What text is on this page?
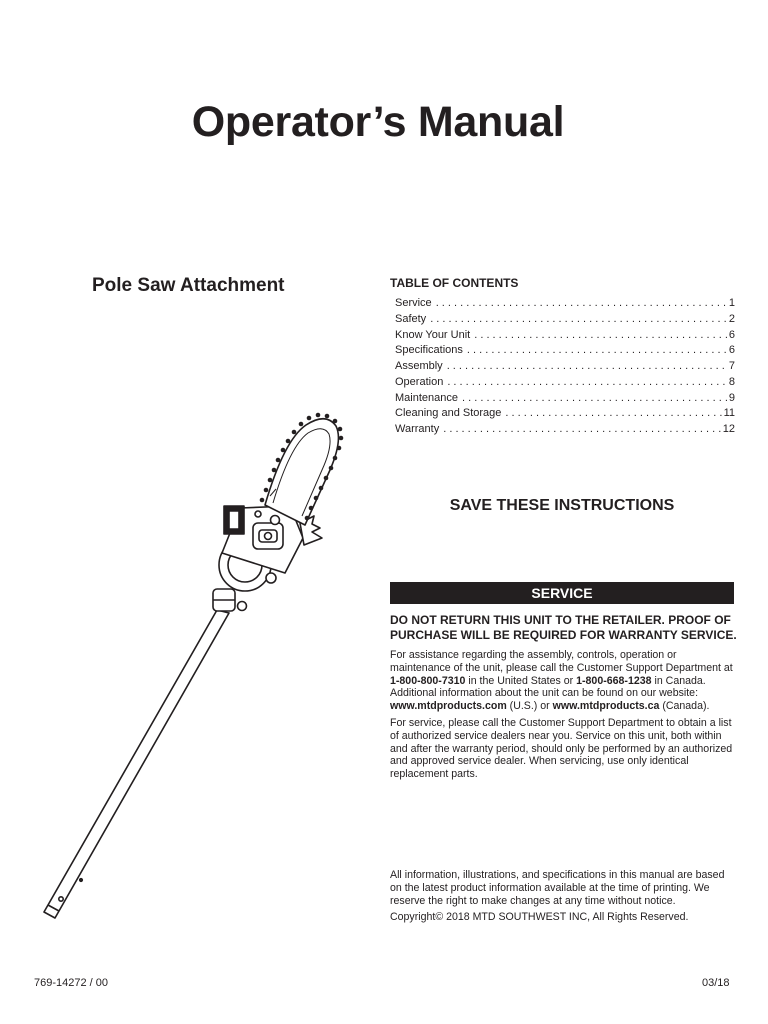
Operator’s Manual
Pole Saw Attachment	TABLE OF CONTENTS
Service . . .	1
Safety . . .	2
Know Your Unit . . .	6
Specifications . . .	6
Assembly . . .	7
Operation . . .	8
Maintenance . . .	9
Cleaning and Storage . . .	11
Warranty . . .	12
SAVE THESE INSTRUCTIONS
SERVICE
DO NOT RETURN THIS UNIT TO THE RETAILER. PROOF OF PURCHASE WILL BE REQUIRED FOR WARRANTY SERVICE.

For assistance regarding the assembly, controls, operation or maintenance of the unit, please call the Customer Support Department at 1-800-800-7310 in the United States or 1-800-668-1238 in Canada. Additional information about the unit can be found on our website: www.mtdproducts.com (U.S.) or www.mtdproducts.ca (Canada).

For service, please call the Customer Support Department to obtain a list of authorized service dealers near you. Service on this unit, both within and after the warranty period, should only be performed by an authorized and approved service dealer. When servicing, use only identical replacement parts.

All information, illustrations, and specifications in this manual are based on the latest product information available at the time of printing. We reserve the right to make changes at any time without notice.

Copyright© 2018 MTD SOUTHWEST INC, All Rights Reserved.

769-14272 / 00	03/18
